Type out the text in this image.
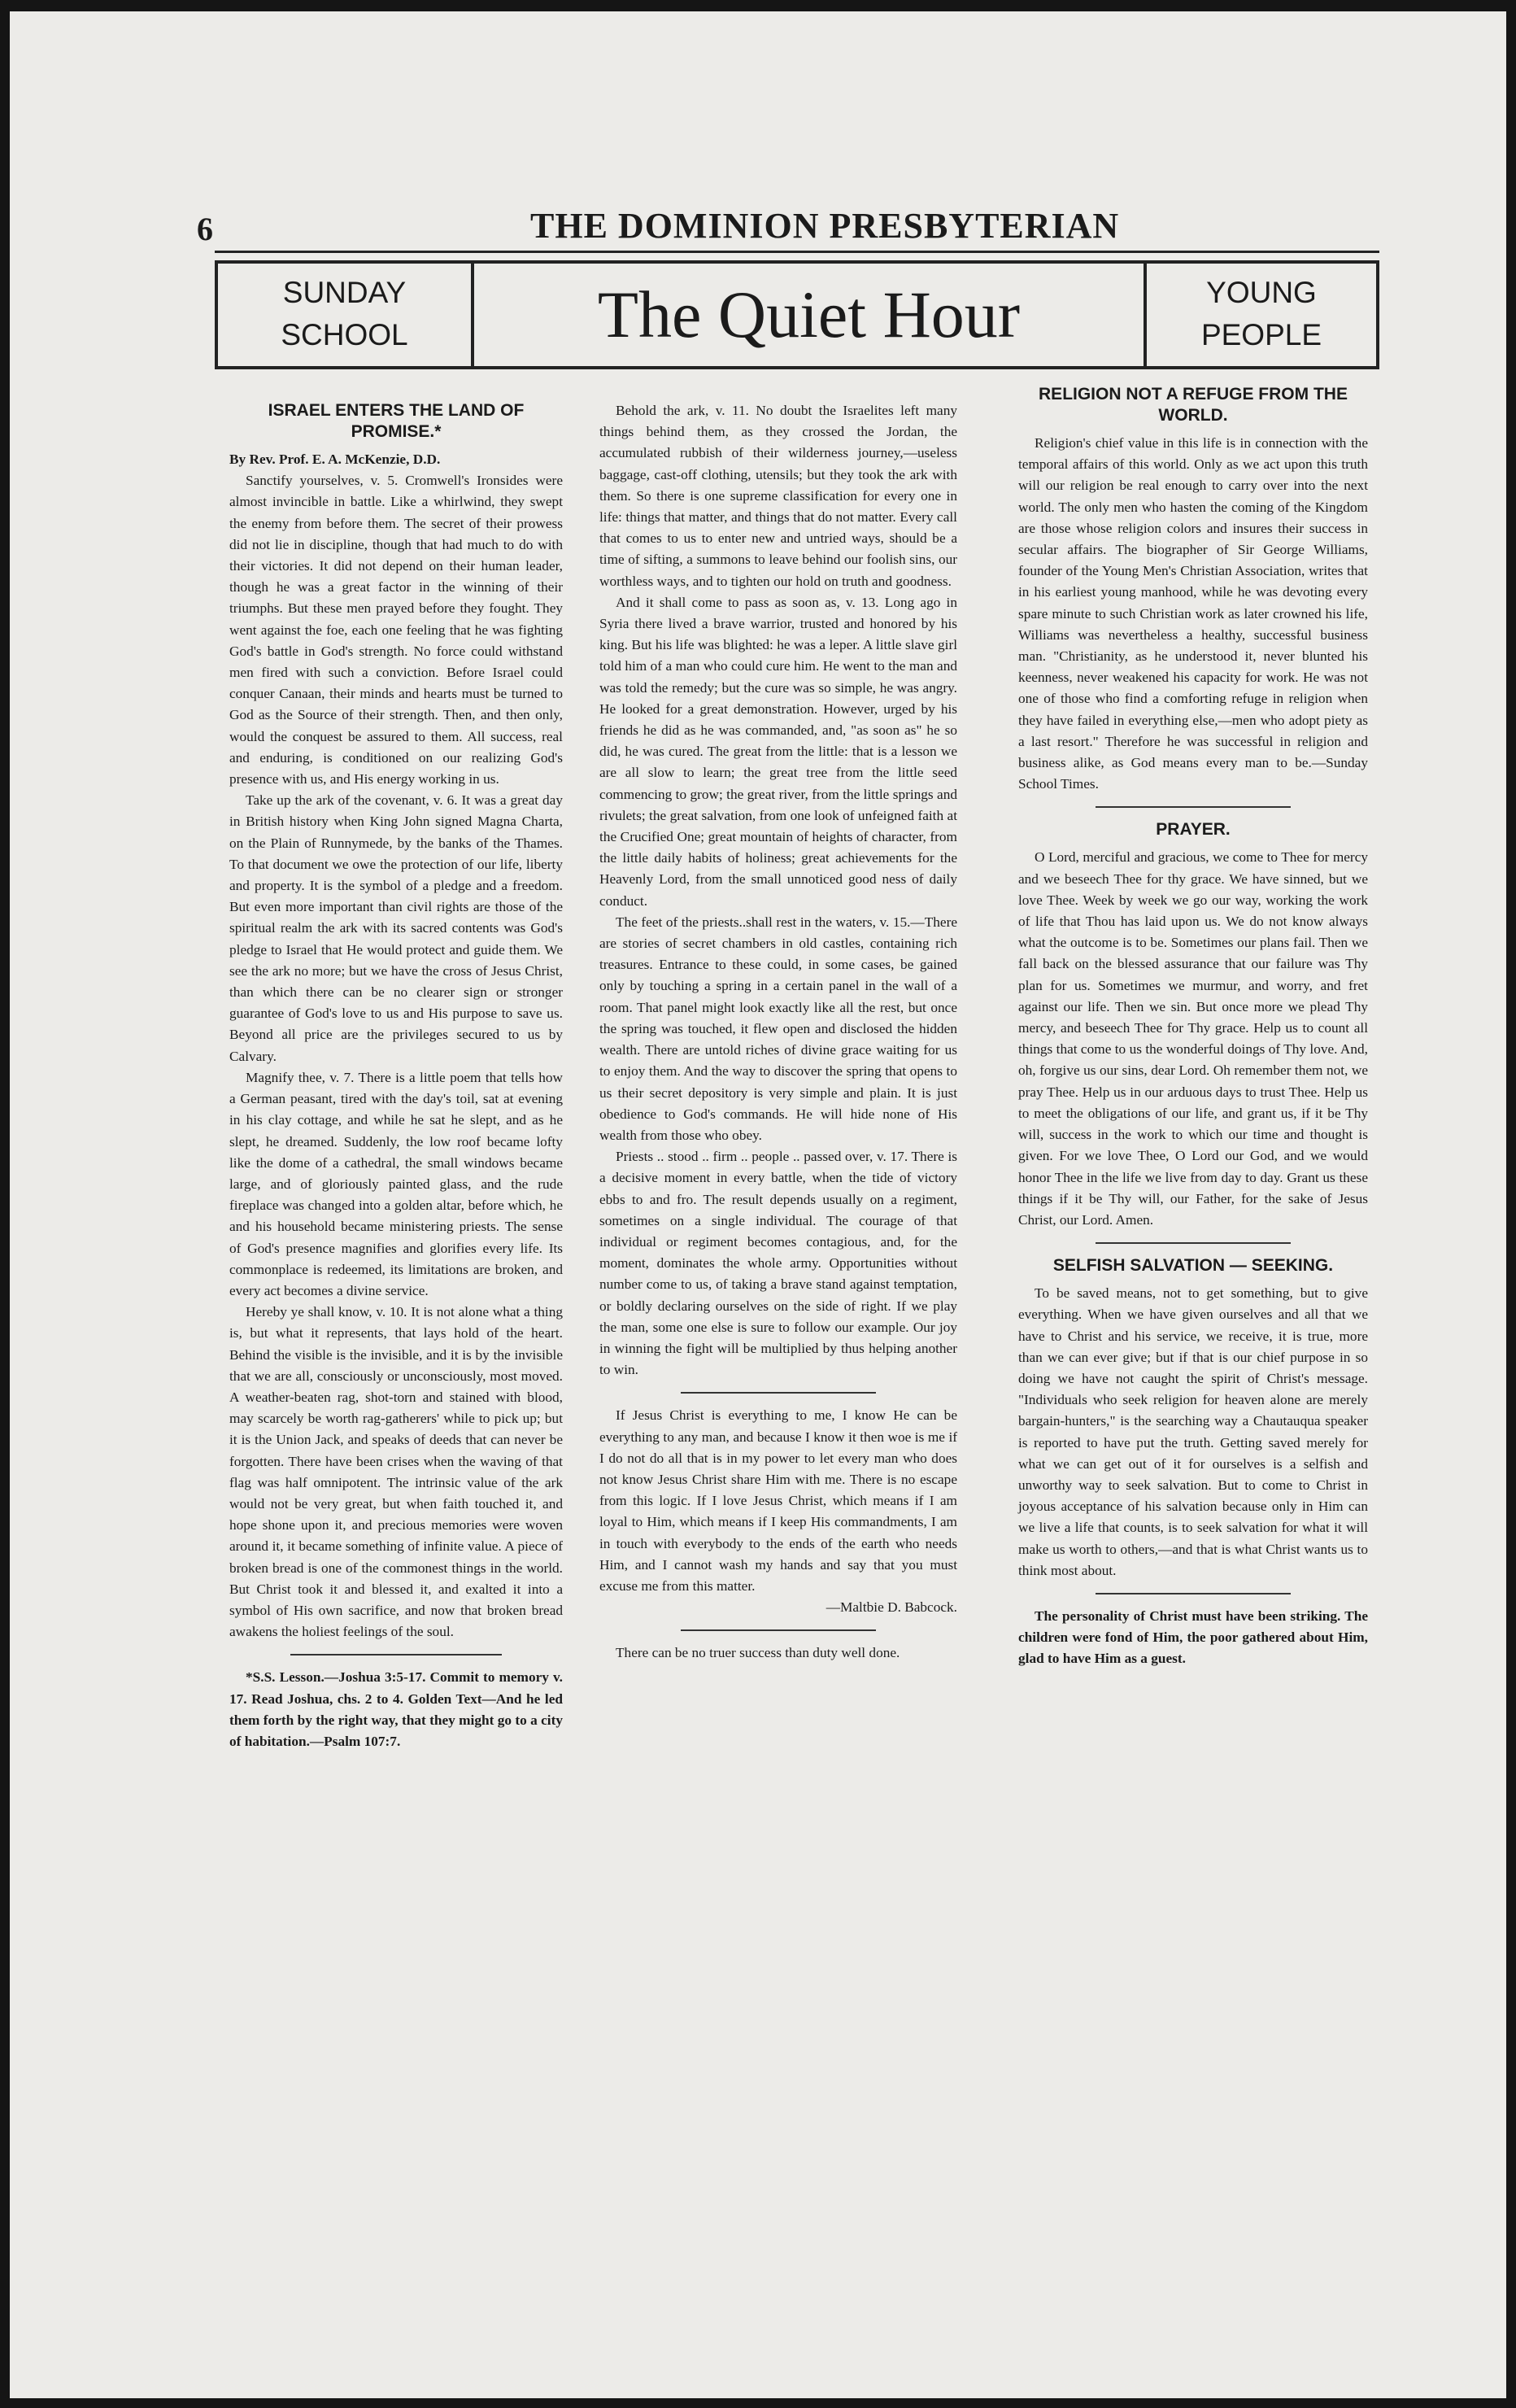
6	THE DOMINION PRESBYTERIAN
SUNDAY
SCHOOL	The Quiet Hour	YOUNG
PEOPLE
ISRAEL ENTERS THE LAND OF PROMISE.*

By Rev. Prof. E. A. McKenzie, D.D.

Sanctify yourselves, v. 5. Cromwell's Ironsides were almost invincible in battle. Like a whirlwind, they swept the enemy from before them. The secret of their prowess did not lie in discipline, though that had much to do with their victories. It did not depend on their human leader, though he was a great factor in the winning of their triumphs. But these men prayed before they fought. They went against the foe, each one feeling that he was fighting God's battle in God's strength. No force could withstand men fired with such a conviction. Before Israel could conquer Canaan, their minds and hearts must be turned to God as the Source of their strength. Then, and then only, would the conquest be assured to them. All success, real and enduring, is conditioned on our realizing God's presence with us, and His energy working in us.

Take up the ark of the covenant, v. 6. It was a great day in British history when King John signed Magna Charta, on the Plain of Runnymede, by the banks of the Thames. To that document we owe the protection of our life, liberty and property. It is the symbol of a pledge and a freedom. But even more important than civil rights are those of the spiritual realm the ark with its sacred contents was God's pledge to Israel that He would protect and guide them. We see the ark no more; but we have the cross of Jesus Christ, than which there can be no clearer sign or stronger guarantee of God's love to us and His purpose to save us. Beyond all price are the privileges secured to us by Calvary.

Magnify thee, v. 7. There is a little poem that tells how a German peasant, tired with the day's toil, sat at evening in his clay cottage, and while he sat he slept, and as he slept, he dreamed. Suddenly, the low roof became lofty like the dome of a cathedral, the small windows became large, and of gloriously painted glass, and the rude fireplace was changed into a golden altar, before which, he and his household became ministering priests. The sense of God's presence magnifies and glorifies every life. Its commonplace is redeemed, its limitations are broken, and every act becomes a divine service.

Hereby ye shall know, v. 10. It is not alone what a thing is, but what it represents, that lays hold of the heart. Behind the visible is the invisible, and it is by the invisible that we are all, consciously or unconsciously, most moved. A weather-beaten rag, shot-torn and stained with blood, may scarcely be worth rag-gatherers' while to pick up; but it is the Union Jack, and speaks of deeds that can never be forgotten. There have been crises when the waving of that flag was half omnipotent. The intrinsic value of the ark would not be very great, but when faith touched it, and hope shone upon it, and precious memories were woven around it, it became something of infinite value. A piece of broken bread is one of the commonest things in the world. But Christ took it and blessed it, and exalted it into a symbol of His own sacrifice, and now that broken bread awakens the holiest feelings of the soul.

*S.S. Lesson.—Joshua 3:5-17. Commit to memory v. 17. Read Joshua, chs. 2 to 4. Golden Text—And he led them forth by the right way, that they might go to a city of habitation.—Psalm 107:7.

Behold the ark, v. 11. No doubt the Israelites left many things behind them, as they crossed the Jordan, the accumulated rubbish of their wilderness journey,—useless baggage, cast-off clothing, utensils; but they took the ark with them. So there is one supreme classification for every one in life: things that matter, and things that do not matter. Every call that comes to us to enter new and untried ways, should be a time of sifting, a summons to leave behind our foolish sins, our worthless ways, and to tighten our hold on truth and goodness.

And it shall come to pass as soon as, v. 13. Long ago in Syria there lived a brave warrior, trusted and honored by his king. But his life was blighted: he was a leper. A little slave girl told him of a man who could cure him. He went to the man and was told the remedy; but the cure was so simple, he was angry. He looked for a great demonstration. However, urged by his friends he did as he was commanded, and, "as soon as" he so did, he was cured. The great from the little: that is a lesson we are all slow to learn; the great tree from the little seed commencing to grow; the great river, from the little springs and rivulets; the great salvation, from one look of unfeigned faith at the Crucified One; great mountain of heights of character, from the little daily habits of holiness; great achievements for the Heavenly Lord, from the small unnoticed good ness of daily conduct.

The feet of the priests..shall rest in the waters, v. 15.—There are stories of secret chambers in old castles, containing rich treasures. Entrance to these could, in some cases, be gained only by touching a spring in a certain panel in the wall of a room. That panel might look exactly like all the rest, but once the spring was touched, it flew open and disclosed the hidden wealth. There are untold riches of divine grace waiting for us to enjoy them. And the way to discover the spring that opens to us their secret depository is very simple and plain. It is just obedience to God's commands. He will hide none of His wealth from those who obey.

Priests .. stood .. firm .. people .. passed over, v. 17. There is a decisive moment in every battle, when the tide of victory ebbs to and fro. The result depends usually on a regiment, sometimes on a single individual. The courage of that individual or regiment becomes contagious, and, for the moment, dominates the whole army. Opportunities without number come to us, of taking a brave stand against temptation, or boldly declaring ourselves on the side of right. If we play the man, some one else is sure to follow our example. Our joy in winning the fight will be multiplied by thus helping another to win.

If Jesus Christ is everything to me, I know He can be everything to any man, and because I know it then woe is me if I do not do all that is in my power to let every man who does not know Jesus Christ share Him with me. There is no escape from this logic. If I love Jesus Christ, which means if I am loyal to Him, which means if I keep His commandments, I am in touch with everybody to the ends of the earth who needs Him, and I cannot wash my hands and say that you must excuse me from this matter.

—Maltbie D. Babcock.

There can be no truer success than duty well done.

RELIGION NOT A REFUGE FROM THE WORLD.

Religion's chief value in this life is in connection with the temporal affairs of this world. Only as we act upon this truth will our religion be real enough to carry over into the next world. The only men who hasten the coming of the Kingdom are those whose religion colors and insures their success in secular affairs. The biographer of Sir George Williams, founder of the Young Men's Christian Association, writes that in his earliest young manhood, while he was devoting every spare minute to such Christian work as later crowned his life, Williams was nevertheless a healthy, successful business man. "Christianity, as he understood it, never blunted his keenness, never weakened his capacity for work. He was not one of those who find a comforting refuge in religion when they have failed in everything else,—men who adopt piety as a last resort." Therefore he was successful in religion and business alike, as God means every man to be.—Sunday School Times.

PRAYER.

O Lord, merciful and gracious, we come to Thee for mercy and we beseech Thee for thy grace. We have sinned, but we love Thee. Week by week we go our way, working the work of life that Thou has laid upon us. We do not know always what the outcome is to be. Sometimes our plans fail. Then we fall back on the blessed assurance that our failure was Thy plan for us. Sometimes we murmur, and worry, and fret against our life. Then we sin. But once more we plead Thy mercy, and beseech Thee for Thy grace. Help us to count all things that come to us the wonderful doings of Thy love. And, oh, forgive us our sins, dear Lord. Oh remember them not, we pray Thee. Help us in our arduous days to trust Thee. Help us to meet the obligations of our life, and grant us, if it be Thy will, success in the work to which our time and thought is given. For we love Thee, O Lord our God, and we would honor Thee in the life we live from day to day. Grant us these things if it be Thy will, our Father, for the sake of Jesus Christ, our Lord. Amen.

SELFISH SALVATION — SEEKING.

To be saved means, not to get something, but to give everything. When we have given ourselves and all that we have to Christ and his service, we receive, it is true, more than we can ever give; but if that is our chief purpose in so doing we have not caught the spirit of Christ's message. "Individuals who seek religion for heaven alone are merely bargain-hunters," is the searching way a Chautauqua speaker is reported to have put the truth. Getting saved merely for what we can get out of it for ourselves is a selfish and unworthy way to seek salvation. But to come to Christ in joyous acceptance of his salvation because only in Him can we live a life that counts, is to seek salvation for what it will make us worth to others,—and that is what Christ wants us to think most about.

The personality of Christ must have been striking. The children were fond of Him, the poor gathered about Him, glad to have Him as a guest.
